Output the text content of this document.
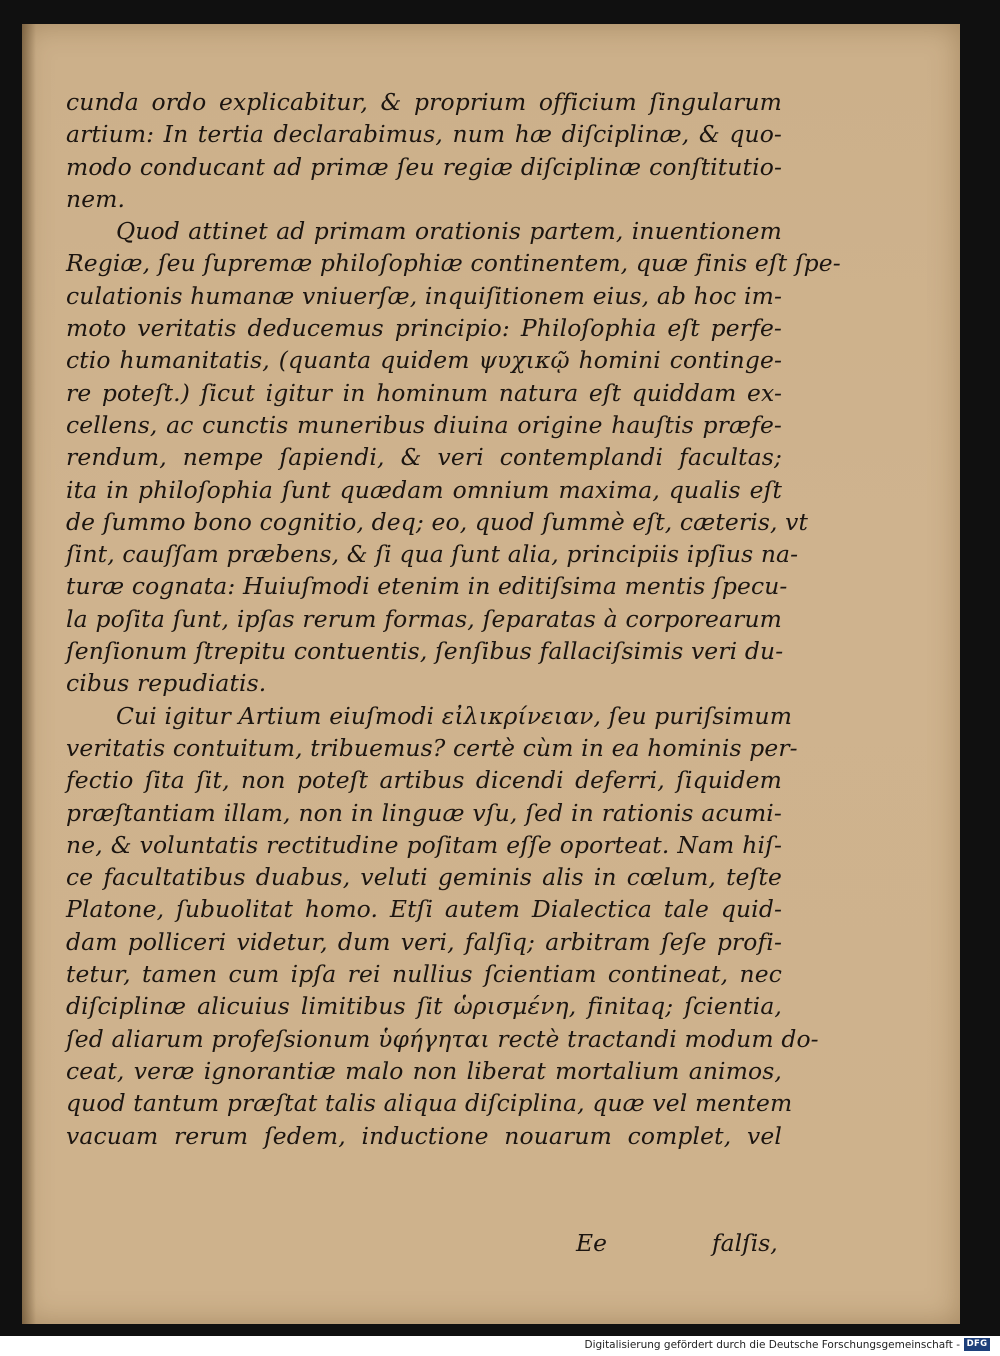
cunda ordo explicabitur, & proprium officium ſingularum
artium: In tertia declarabimus, num hæ diſciplinæ, & quo-
modo conducant ad primæ ſeu regiæ diſciplinæ conſtitutio-
nem.
Quod attinet ad primam orationis partem, inuentionem
Regiæ, ſeu ſupremæ philoſophiæ continentem, quæ finis eſt ſpe-
culationis humanæ vniuerſæ, inquiſitionem eius, ab hoc im-
moto veritatis deducemus principio: Philoſophia eſt perfe-
ctio humanitatis, (quanta quidem ψυχικῷ homini continge-
re poteſt.) ſicut igitur in hominum natura eſt quiddam ex-
cellens, ac cunctis muneribus diuina origine hauſtis præfe-
rendum, nempe ſapiendi, & veri contemplandi facultas;
ita in philoſophia ſunt quædam omnium maxima, qualis eſt
de ſummo bono cognitio, deq; eo, quod ſummè eſt, cæteris, vt
ſint, cauſſam præbens, & ſi qua ſunt alia, principiis ipſius na-
turæ cognata: Huiuſmodi etenim in editiſsima mentis ſpecu-
la poſita ſunt, ipſas rerum formas, ſeparatas à corporearum
ſenſionum ſtrepitu contuentis, ſenſibus fallaciſsimis veri du-
cibus repudiatis.
Cui igitur Artium eiuſmodi εἰλικρίνειαν, ſeu puriſsimum
veritatis contuitum, tribuemus? certè cùm in ea hominis per-
fectio ſita ſit, non poteſt artibus dicendi deferri, ſiquidem
præſtantiam illam, non in linguæ vſu, ſed in rationis acumi-
ne, & voluntatis rectitudine poſitam eſſe oporteat. Nam hiſ-
ce facultatibus duabus, veluti geminis alis in cœlum, teſte
Platone, ſubuolitat homo. Etſi autem Dialectica tale quid-
dam polliceri videtur, dum veri, falſiq; arbitram ſeſe profi-
tetur, tamen cum ipſa rei nullius ſcientiam contineat, nec
diſciplinæ alicuius limitibus ſit ὡρισμένη, finitaq; ſcientia,
ſed aliarum profeſsionum ὑφήγηται rectè tractandi modum do-
ceat, veræ ignorantiæ malo non liberat mortalium animos,
quod tantum præſtat talis aliqua diſciplina, quæ vel mentem
vacuam rerum ſedem, inductione nouarum complet, vel
Ee	falſis,
Digitalisierung gefördert durch die Deutsche Forschungsgemeinschaft - DFG
